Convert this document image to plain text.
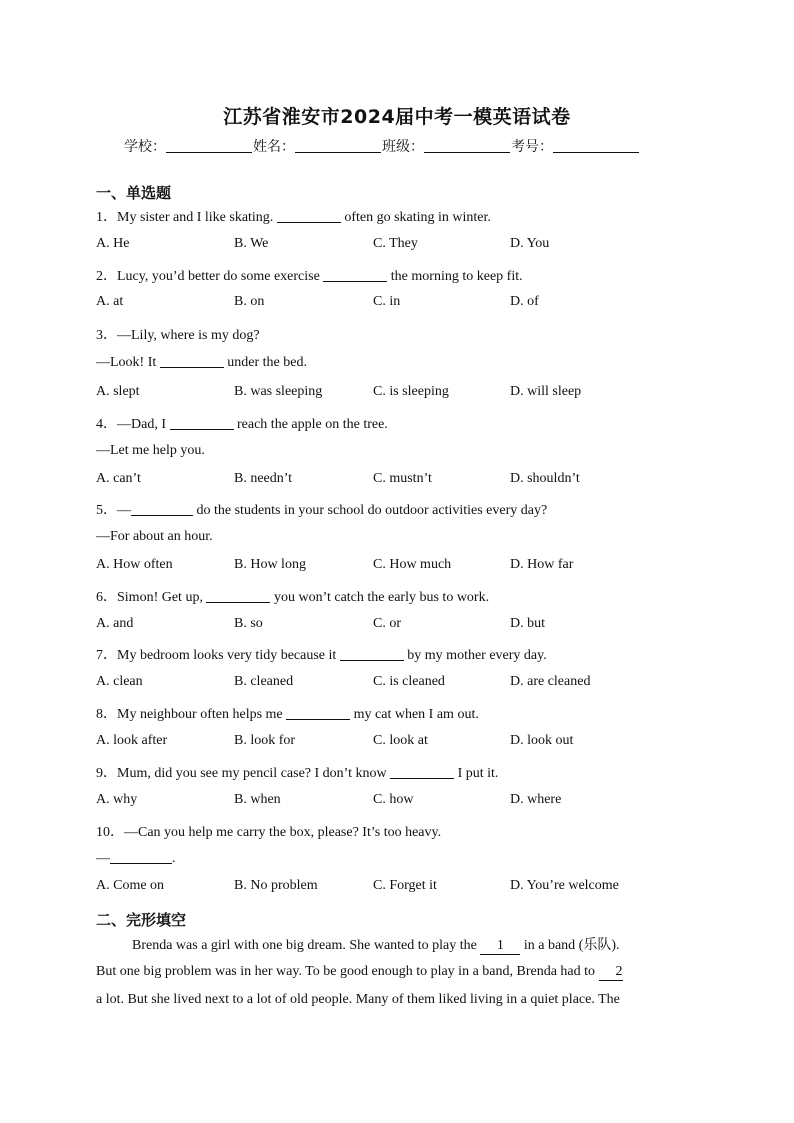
江苏省淮安市2024届中考一模英语试卷
学校：	姓名：	班级：	考号：
一、单选题
1．My sister and I like skating.	often go skating in winter.
A. He	B. We	C. They	D. You
2．Lucy, you’d better do some exercise	the morning to keep fit.
A. at	B. on	C. in	D. of
3．—Lily, where is my dog?
—Look! It	under the bed.
A. slept	B. was sleeping	C. is sleeping	D. will sleep
4．—Dad, I	reach the apple on the tree.
—Let me help you.
A. can’t	B. needn’t	C. mustn’t	D. shouldn’t
5．—	do the students in your school do outdoor activities every day?
—For about an hour.
A. How often	B. How long	C. How much	D. How far
6．Simon! Get up,	you won’t catch the early bus to work.
A. and	B. so	C. or	D. but
7．My bedroom looks very tidy because it	by my mother every day.
A. clean	B. cleaned	C. is cleaned	D. are cleaned
8．My neighbour often helps me	my cat when I am out.
A. look after	B. look for	C. look at	D. look out
9．Mum, did you see my pencil case? I don’t know	I put it.
A. why	B. when	C. how	D. where
10．—Can you help me carry the box, please? It’s too heavy.
—	.
A. Come on	B. No problem	C. Forget it	D. You’re welcome
二、完形填空
Brenda was a girl with one big dream. She wanted to play the 1 in a band (乐队).
But one big problem was in her way. To be good enough to play in a band, Brenda had to 2
a lot. But she lived next to a lot of old people. Many of them liked living in a quiet place. The
